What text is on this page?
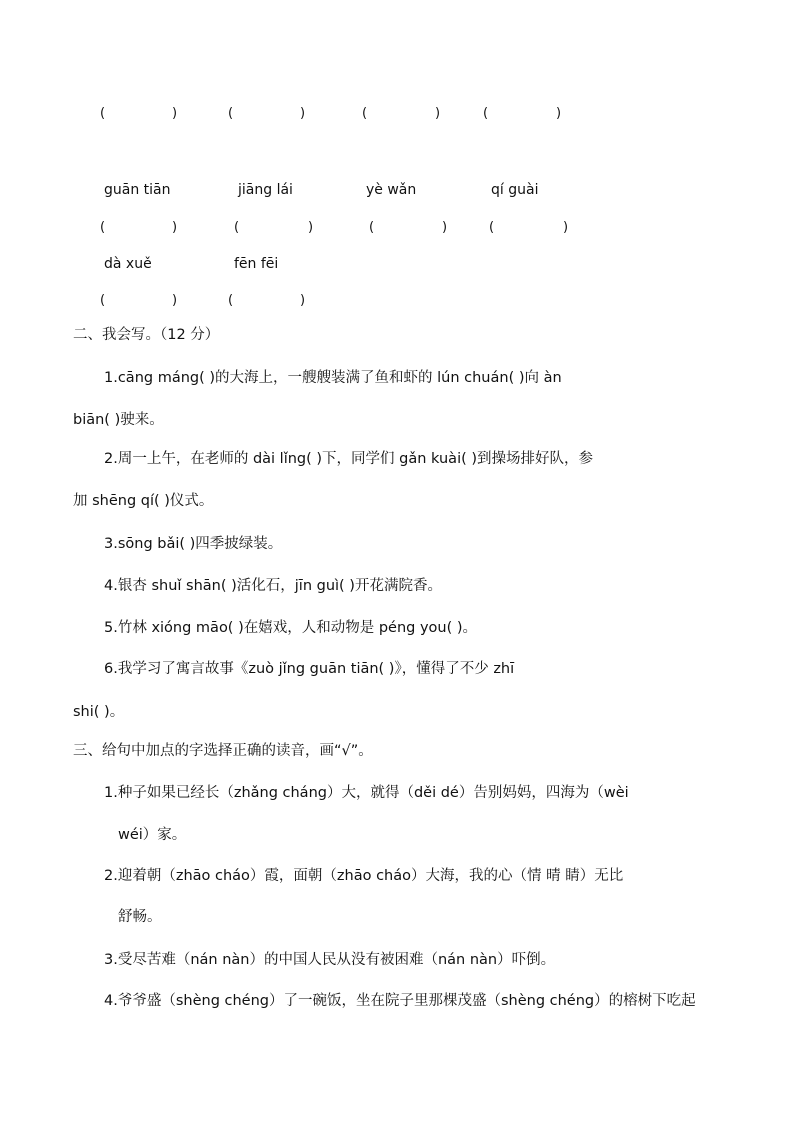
(	)	(	)	(	)	(	)
guān tiān	jiāng lái	yè wǎn	qí guài
(	)	(	)	(	)	(	)
dà xuě	fēn fēi
(	)	(	)
二、我会写。（12 分）
1.cāng máng( )的大海上，一艘艘装满了鱼和虾的 lún chuán( )向 àn
biān( )驶来。
2.周一上午，在老师的 dài lǐng( )下，同学们 gǎn kuài( )到操场排好队，参
加 shēng qí( )仪式。
3.sōng bǎi( )四季披绿装。
4.银杏 shuǐ shān( )活化石，jīn guì( )开花满院香。
5.竹林 xióng māo( )在嬉戏，人和动物是 péng you( )。
6.我学习了寓言故事《zuò jǐng guān tiān( )》，懂得了不少 zhī
shi( )。
三、给句中加点的字选择正确的读音，画“√”。
1.种子如果已经长（zhǎng cháng）大，就得（děi dé）告别妈妈，四海为（wèi
wéi）家。
2.迎着朝（zhāo cháo）霞，面朝（zhāo cháo）大海，我的心（情 晴 睛）无比
舒畅。
3.受尽苦难（nán nàn）的中国人民从没有被困难（nán nàn）吓倒。
4.爷爷盛（shèng chéng）了一碗饭，坐在院子里那棵茂盛（shèng chéng）的榕树下吃起
